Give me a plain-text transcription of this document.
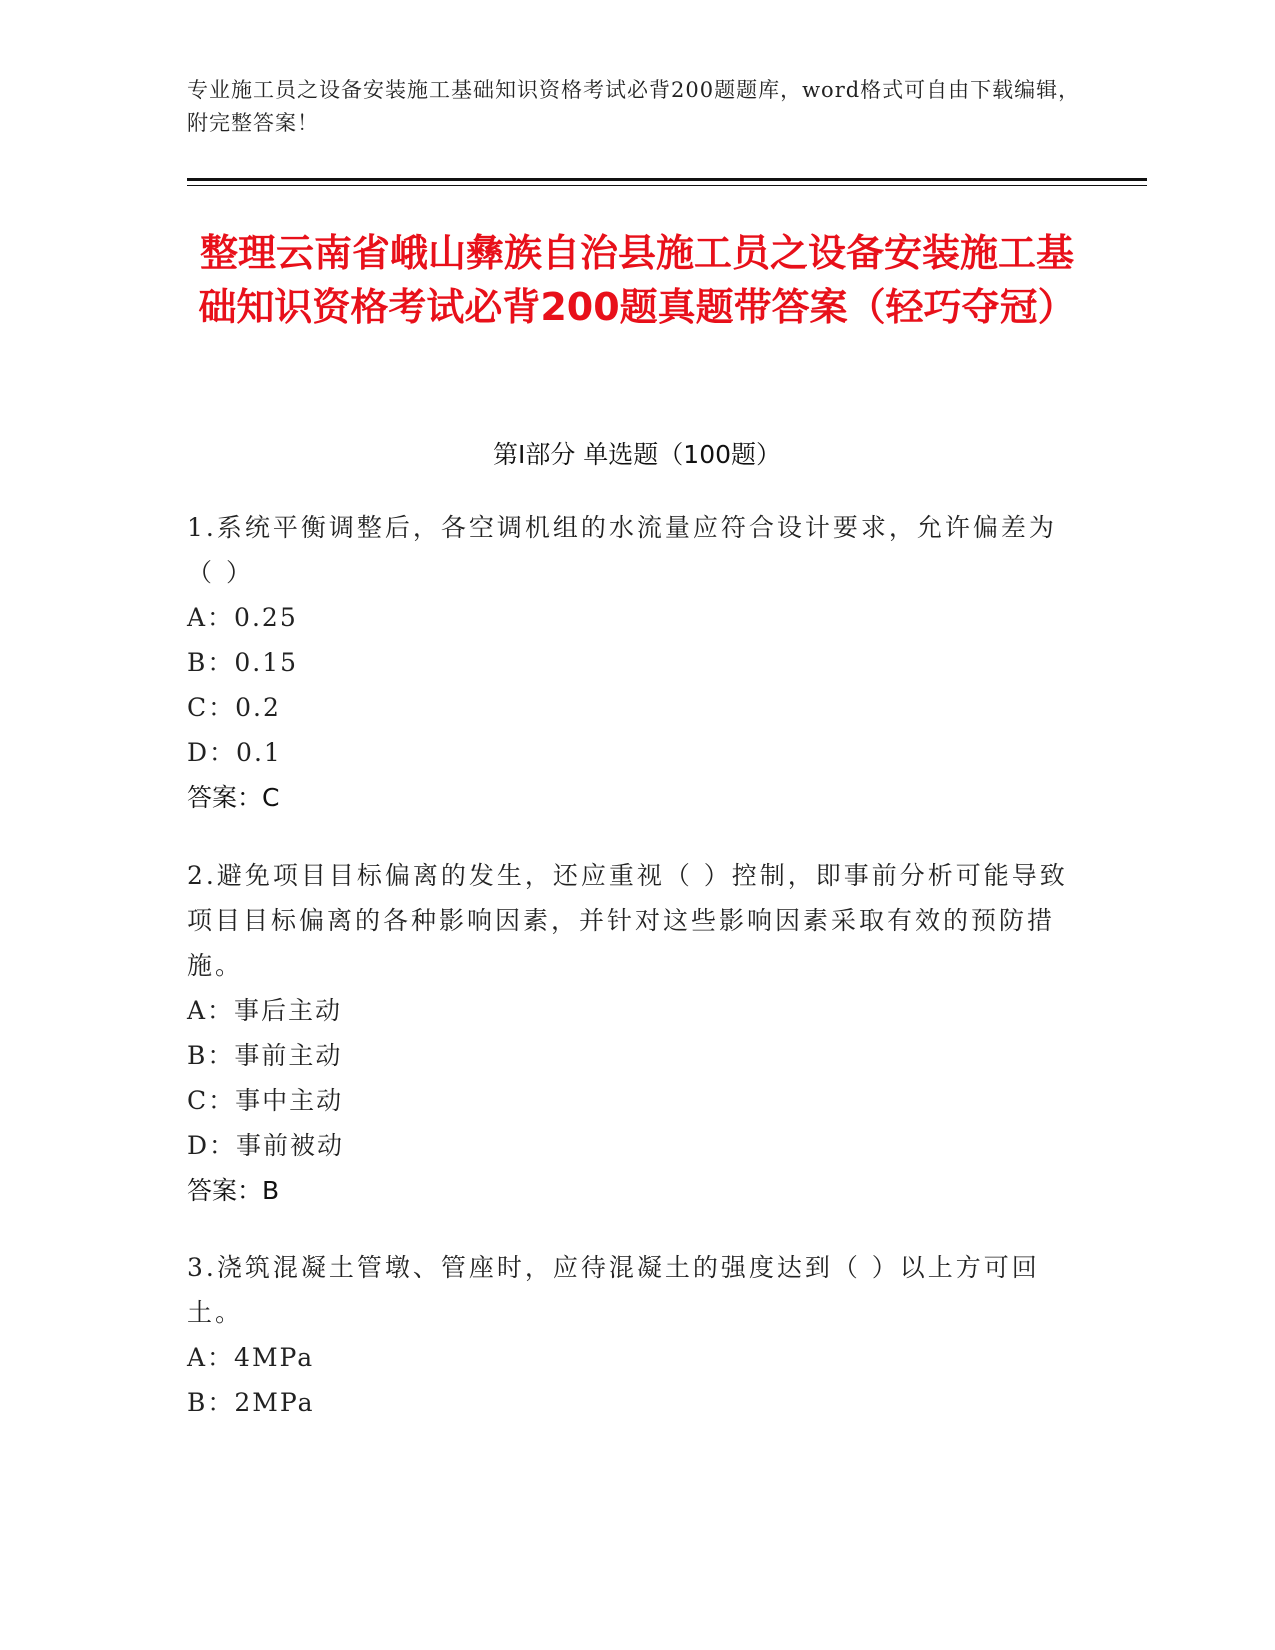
专业施工员之设备安装施工基础知识资格考试必背200题题库，word格式可自由下载编辑，附完整答案！
整理云南省峨山彝族自治县施工员之设备安装施工基础知识资格考试必背200题真题带答案（轻巧夺冠）
第I部分 单选题（100题）

1.系统平衡调整后，各空调机组的水流量应符合设计要求，允许偏差为（ ）

A：0.25

B：0.15

C：0.2

D：0.1

答案：C

2.避免项目目标偏离的发生，还应重视（ ）控制，即事前分析可能导致项目目标偏离的各种影响因素，并针对这些影响因素采取有效的预防措施。

A：事后主动

B：事前主动

C：事中主动

D：事前被动

答案：B

3.浇筑混凝土管墩、管座时，应待混凝土的强度达到（ ）以上方可回土。

A：4MPa

B：2MPa
